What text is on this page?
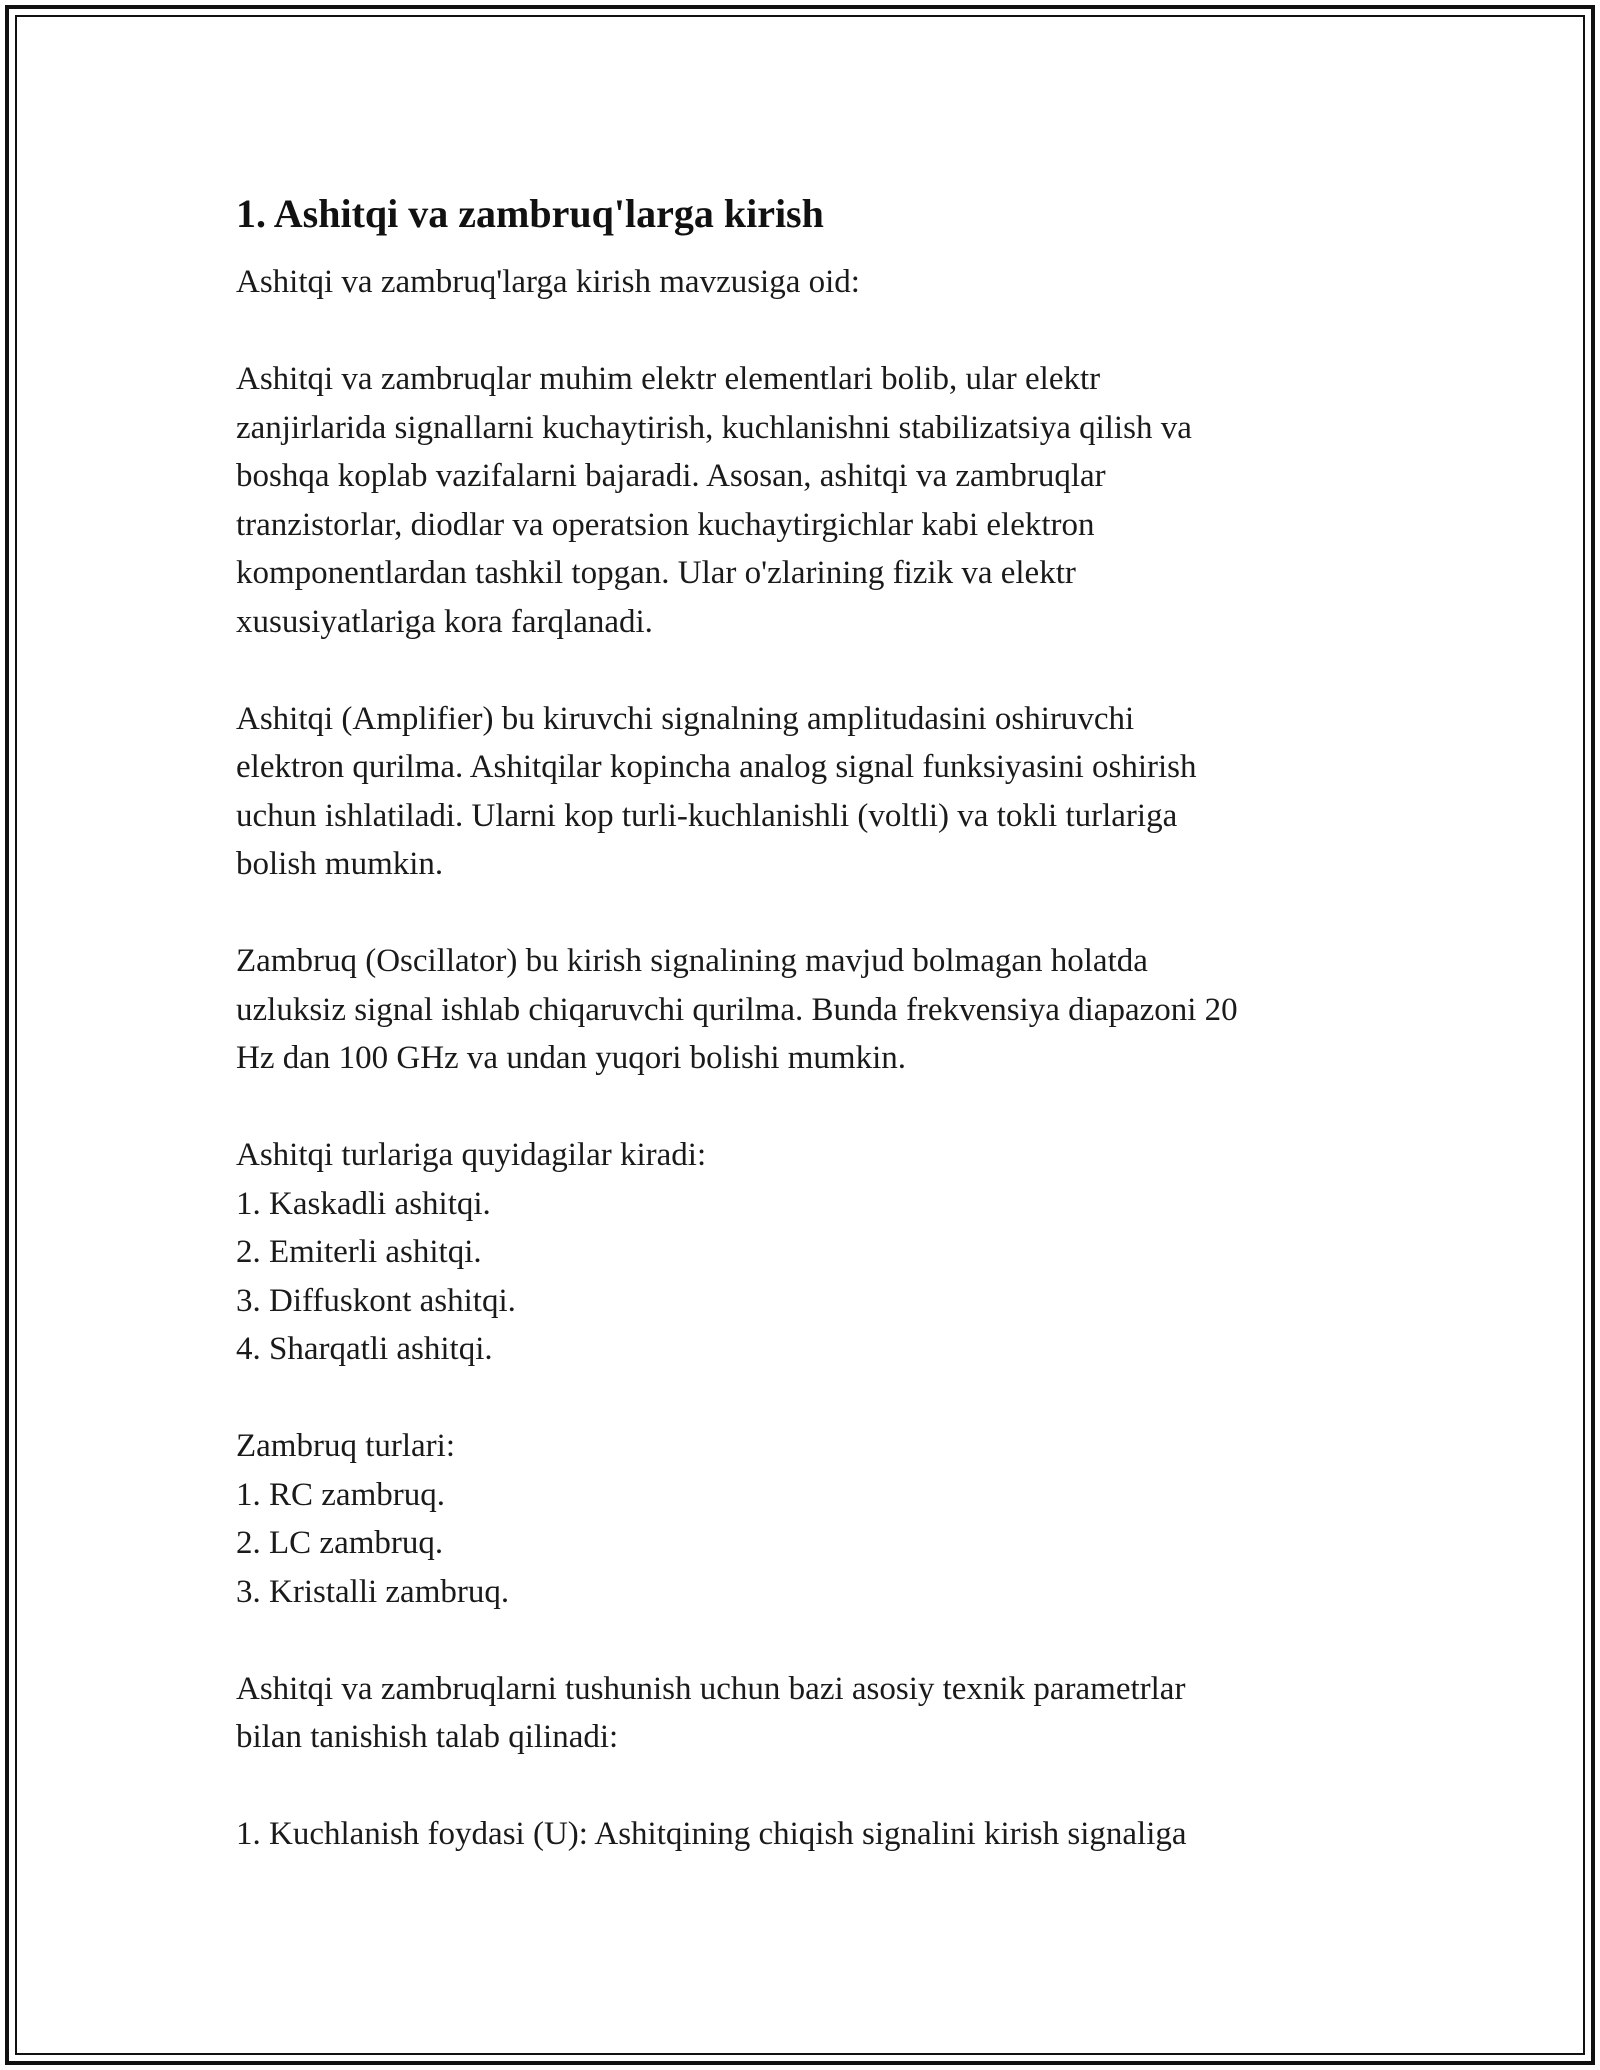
1. Ashitqi va zambruq'larga kirish

Ashitqi va zambruq'larga kirish mavzusiga oid:

Ashitqi va zambruqlar muhim elektr elementlari bolib, ular elektr
zanjirlarida signallarni kuchaytirish, kuchlanishni stabilizatsiya qilish va
boshqa koplab vazifalarni bajaradi. Asosan, ashitqi va zambruqlar
tranzistorlar, diodlar va operatsion kuchaytirgichlar kabi elektron
komponentlardan tashkil topgan. Ular o'zlarining fizik va elektr
xususiyatlariga kora farqlanadi.

Ashitqi (Amplifier) bu kiruvchi signalning amplitudasini oshiruvchi
elektron qurilma. Ashitqilar kopincha analog signal funksiyasini oshirish
uchun ishlatiladi. Ularni kop turli-kuchlanishli (voltli) va tokli turlariga
bolish mumkin.

Zambruq (Oscillator) bu kirish signalining mavjud bolmagan holatda
uzluksiz signal ishlab chiqaruvchi qurilma. Bunda frekvensiya diapazoni 20
Hz dan 100 GHz va undan yuqori bolishi mumkin.

Ashitqi turlariga quyidagilar kiradi:

1. Kaskadli ashitqi.
2. Emiterli ashitqi.
3. Diffuskont ashitqi.
4. Sharqatli ashitqi.

Zambruq turlari:

1. RC zambruq.
2. LC zambruq.
3. Kristalli zambruq.

Ashitqi va zambruqlarni tushunish uchun bazi asosiy texnik parametrlar
bilan tanishish talab qilinadi:

1. Kuchlanish foydasi (U): Ashitqining chiqish signalini kirish signaliga
